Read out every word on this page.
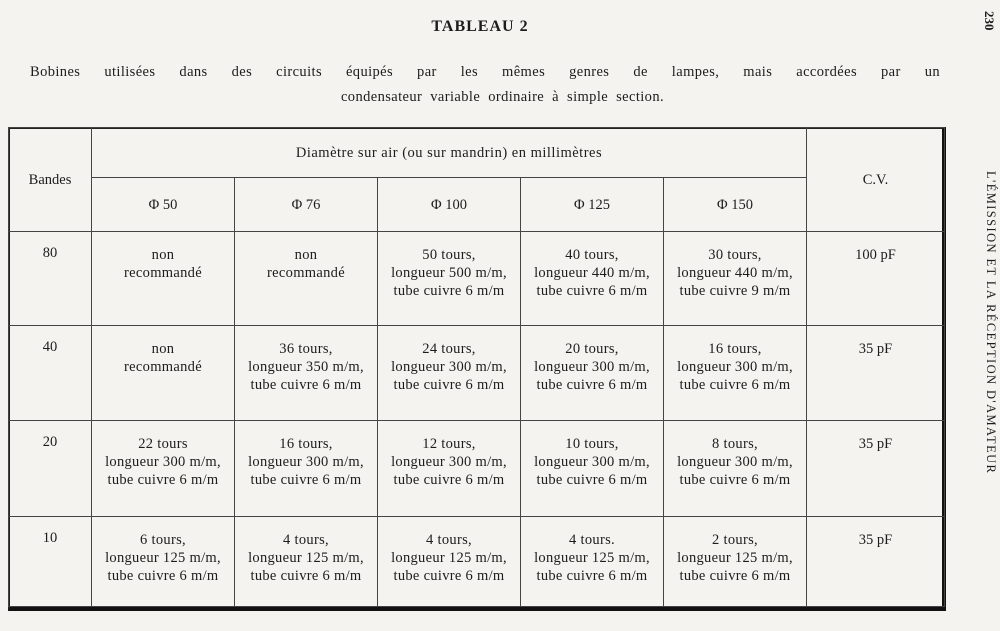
TABLEAU 2	230
Bobines utilisées dans des circuits équipés par les mêmes genres de lampes, mais accordées par un
condensateur variable ordinaire à simple section.
L'ÉMISSION ET LA RÉCEPTION D'AMATEUR
Bandes	Diamètre sur air (ou sur mandrin) en millimètres					C.V.
	Φ 50	Φ 76	Φ 100	Φ 125	Φ 150	
80	non
recommandé	non
recommandé	50 tours,
longueur 500 m/m,
tube cuivre 6 m/m	40 tours,
longueur 440 m/m,
tube cuivre 6 m/m	30 tours,
longueur 440 m/m,
tube cuivre 9 m/m	100 pF
40	non
recommandé	36 tours,
longueur 350 m/m,
tube cuivre 6 m/m	24 tours,
longueur 300 m/m,
tube cuivre 6 m/m	20 tours,
longueur 300 m/m,
tube cuivre 6 m/m	16 tours,
longueur 300 m/m,
tube cuivre 6 m/m	35 pF
20	22 tours
longueur 300 m/m,
tube cuivre 6 m/m	16 tours,
longueur 300 m/m,
tube cuivre 6 m/m	12 tours,
longueur 300 m/m,
tube cuivre 6 m/m	10 tours,
longueur 300 m/m,
tube cuivre 6 m/m	8 tours,
longueur 300 m/m,
tube cuivre 6 m/m	35 pF
10	6 tours,
longueur 125 m/m,
tube cuivre 6 m/m	4 tours,
longueur 125 m/m,
tube cuivre 6 m/m	4 tours,
longueur 125 m/m,
tube cuivre 6 m/m	4 tours.
longueur 125 m/m,
tube cuivre 6 m/m	2 tours,
longueur 125 m/m,
tube cuivre 6 m/m	35 pF
